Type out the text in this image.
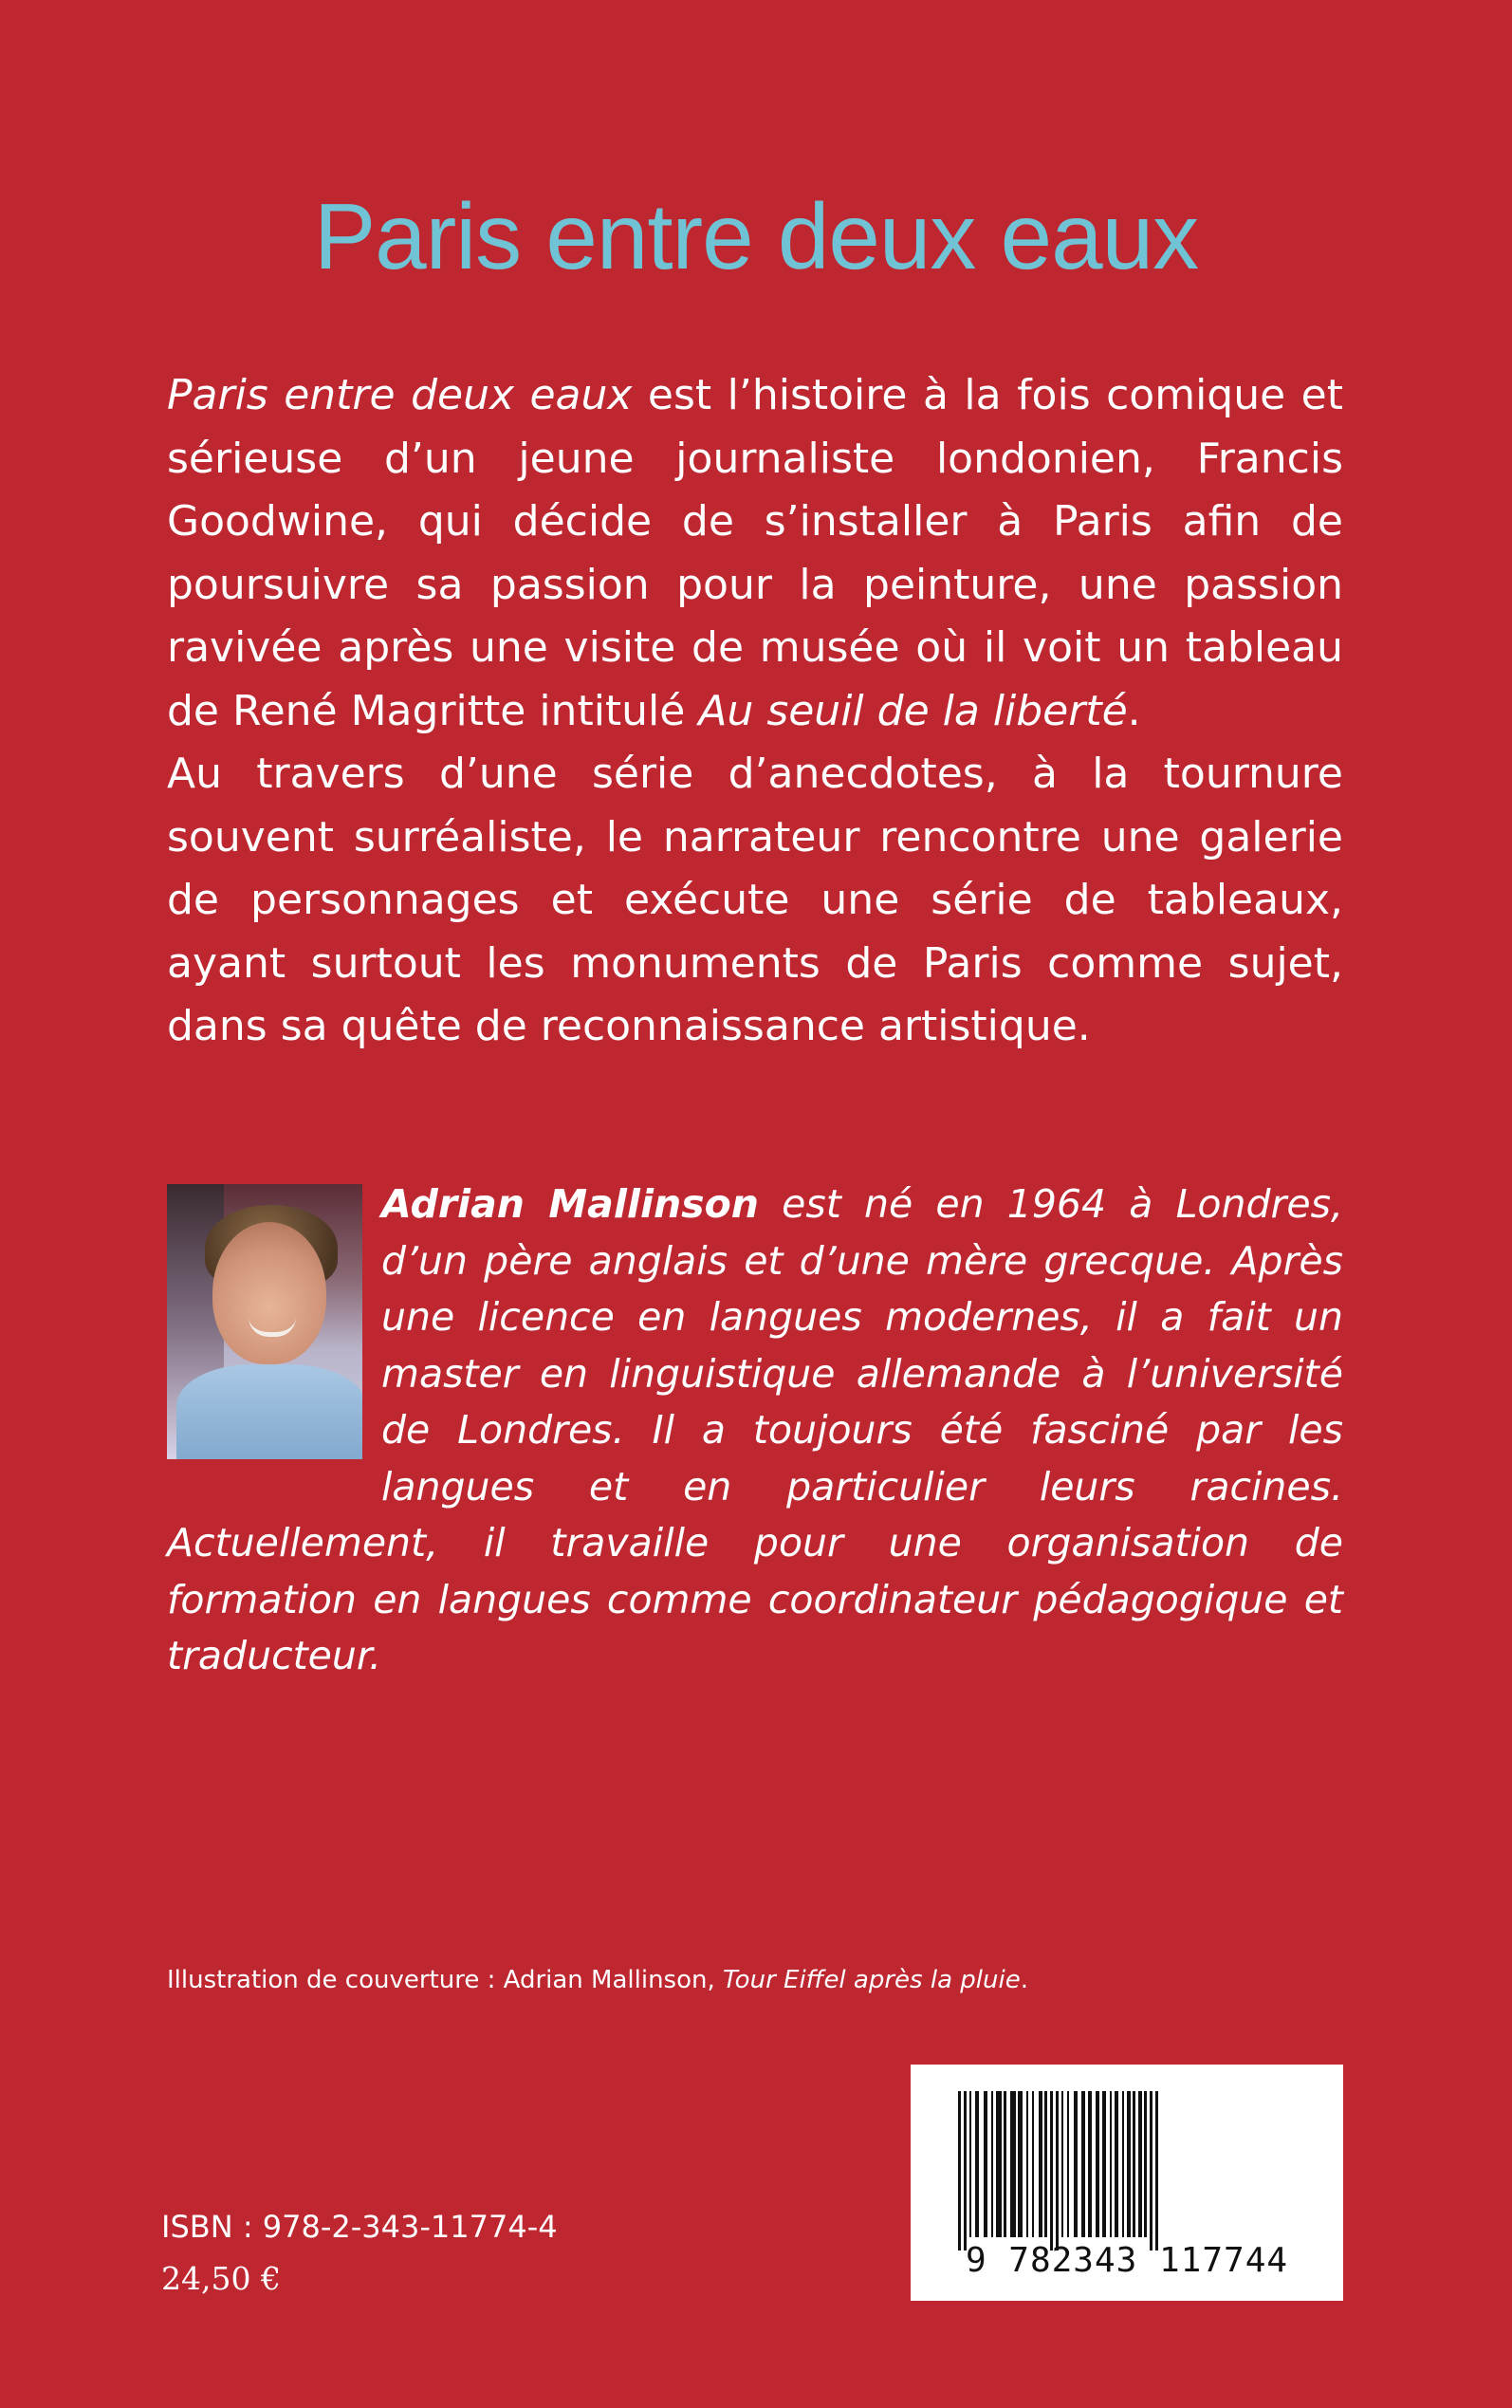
Paris entre deux eaux

Paris entre deux eaux est l’histoire à la fois comique et sérieuse d’un jeune journaliste londonien, Francis Goodwine, qui décide de s’installer à Paris afin de poursuivre sa passion pour la peinture, une passion ravivée après une visite de musée où il voit un tableau de René Magritte intitulé Au seuil de la liberté.

Au travers d’une série d’anecdotes, à la tournure souvent surréaliste, le narrateur rencontre une galerie de personnages et exécute une série de tableaux, ayant surtout les monuments de Paris comme sujet, dans sa quête de reconnaissance artistique.

Adrian Mallinson est né en 1964 à Londres, d’un père anglais et d’une mère grecque. Après une licence en langues modernes, il a fait un master en linguistique allemande à l’université de Londres. Il a toujours été fasciné par les langues et en particulier leurs racines. Actuellement, il travaille pour une organisation de formation en langues comme coordinateur pédagogique et traducteur.
Illustration de couverture : Adrian Mallinson, Tour Eiffel après la pluie.
9 782343 117744
ISBN : 978-2-343-11774-4
24,50 €
